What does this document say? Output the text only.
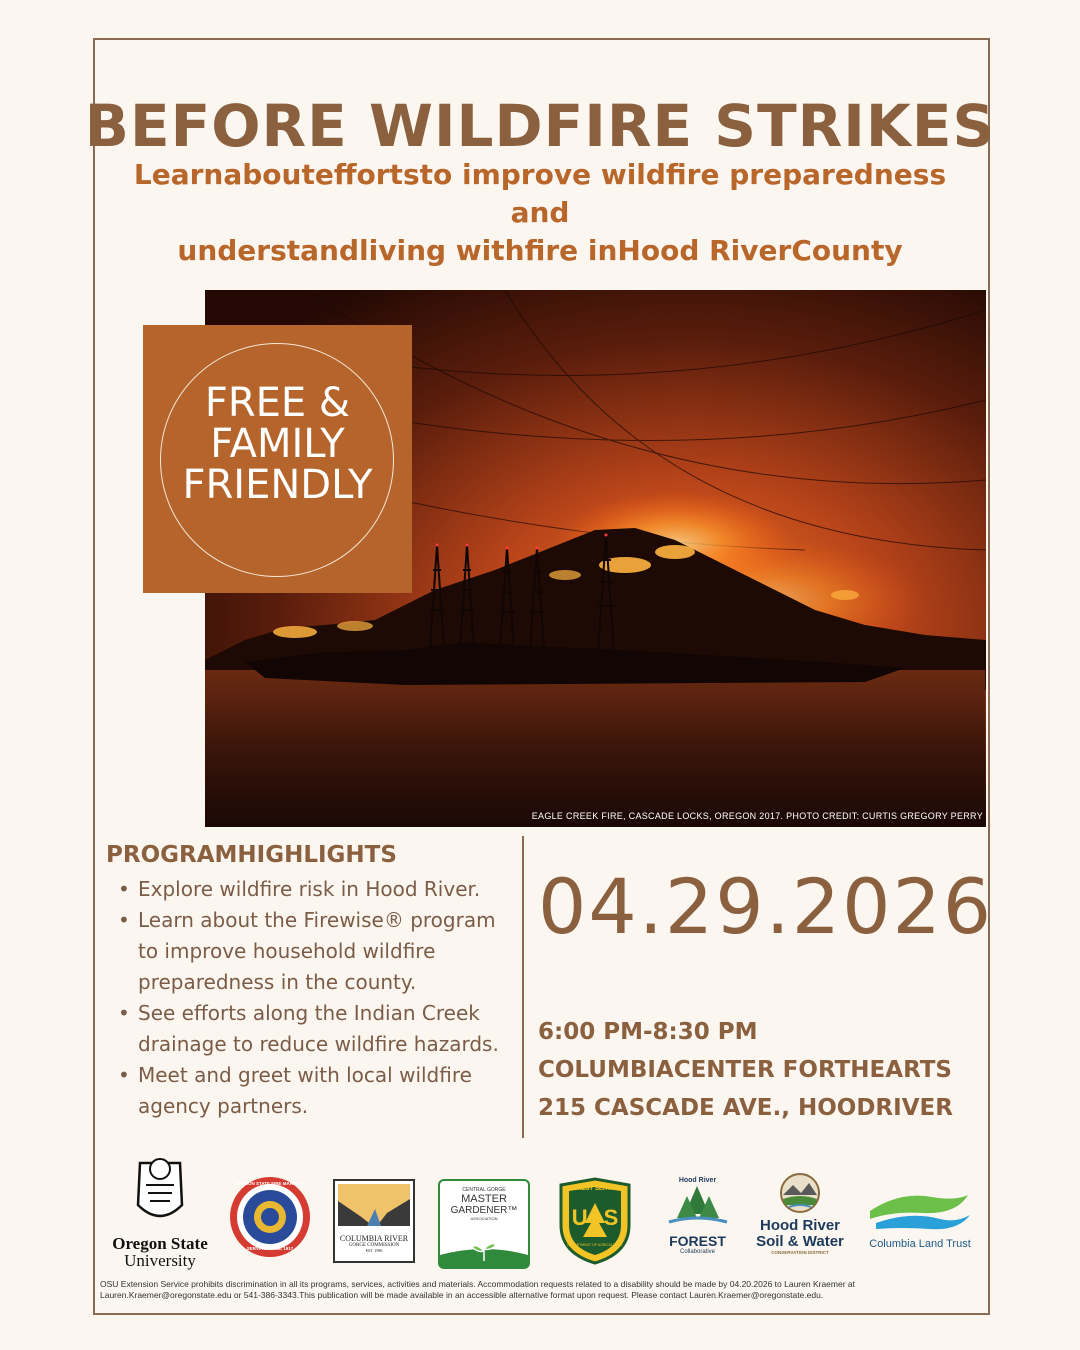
BEFORE WILDFIRE STRIKES
Learnabouteffortsto improve wildfire preparedness and
understandliving withfire inHood RiverCounty
EAGLE CREEK FIRE, CASCADE LOCKS, OREGON 2017. PHOTO CREDIT: CURTIS GREGORY PERRY
FREE &
FAMILY
FRIENDLY
PROGRAMHIGHLIGHTS
• Explore wildfire risk in Hood River.
• Learn about the Firewise® program to improve household wildfire preparedness in the county.
• See efforts along the Indian Creek drainage to reduce wildfire hazards.
• Meet and greet with local wildfire agency partners.
04.29.2026
6:00 PM-8:30 PM
COLUMBIACENTER FORTHEARTS
215 CASCADE AVE., HOODRIVER
Oregon State
University
OREGON STATE FIRE MARSHAL
SERVING SINCE 1917
COLUMBIA RIVER
GORGE COMMISSION
EST. 1986
CENTRAL GORGE
MASTER
GARDENER™
ASSOCIATION
FOREST SERVICE
US
DEPARTMENT OF AGRICULTURE
Hood River
FOREST
Collaborative
Hood River
Soil & Water
CONSERVATION DISTRICT
Columbia Land Trust
OSU Extension Service prohibits discrimination in all its programs, services, activities and materials. Accommodation requests related to a disability should be made by 04.20.2026 to Lauren Kraemer at
Lauren.Kraemer@oregonstate.edu or 541-386-3343.This publication will be made available in an accessible alternative format upon request. Please contact Lauren.Kraemer@oregonstate.edu.
